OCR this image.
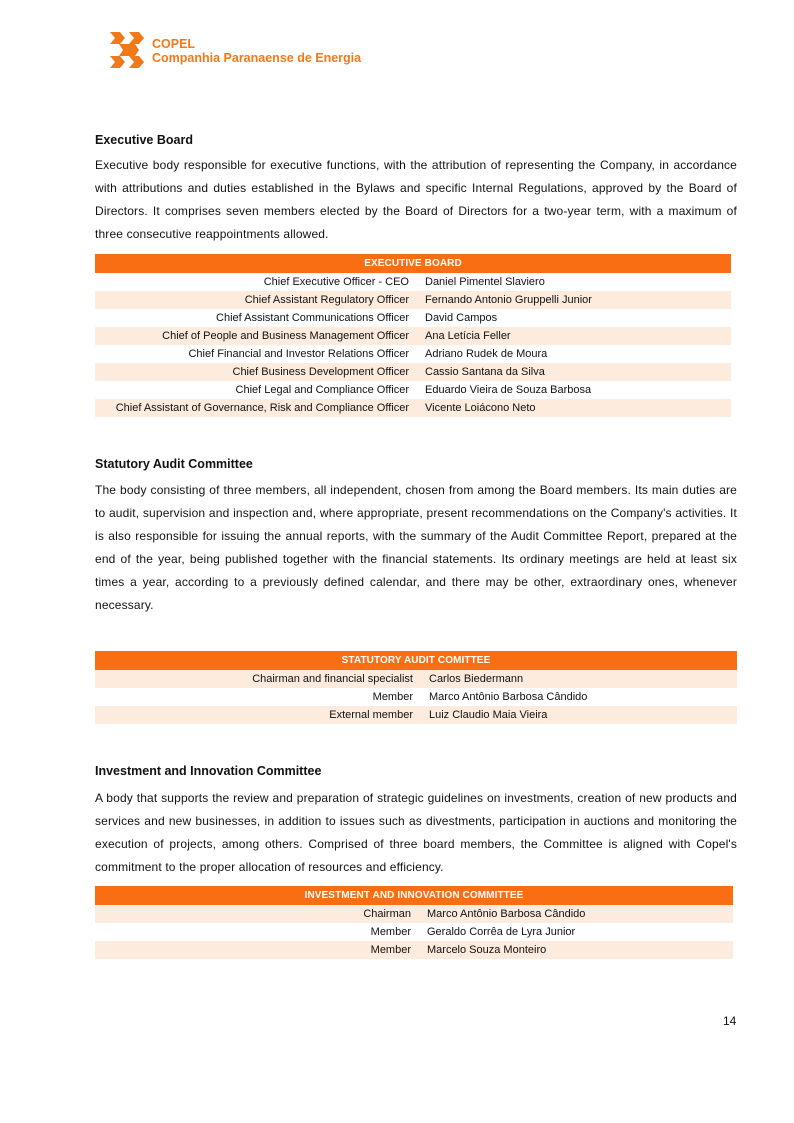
COPEL
Companhia Paranaense de Energia
Executive Board

Executive body responsible for executive functions, with the attribution of representing the Company, in accordance with attributions and duties established in the Bylaws and specific Internal Regulations, approved by the Board of Directors. It comprises seven members elected by the Board of Directors for a two-year term, with a maximum of three consecutive reappointments allowed.

EXECUTIVE BOARD	
Chief Executive Officer - CEO	Daniel Pimentel Slaviero
Chief Assistant Regulatory Officer	Fernando Antonio Gruppelli Junior
Chief Assistant Communications Officer	David Campos
Chief of People and Business Management Officer	Ana Letícia Feller
Chief Financial and Investor Relations Officer	Adriano Rudek de Moura
Chief Business Development Officer	Cassio Santana da Silva
Chief Legal and Compliance Officer	Eduardo Vieira de Souza Barbosa
Chief Assistant of Governance, Risk and Compliance Officer	Vicente Loiácono Neto
Statutory Audit Committee

The body consisting of three members, all independent, chosen from among the Board members. Its main duties are to audit, supervision and inspection and, where appropriate, present recommendations on the Company's activities. It is also responsible for issuing the annual reports, with the summary of the Audit Committee Report, prepared at the end of the year, being published together with the financial statements. Its ordinary meetings are held at least six times a year, according to a previously defined calendar, and there may be other, extraordinary ones, whenever necessary.

STATUTORY AUDIT COMITTEE	
Chairman and financial specialist	Carlos Biedermann
Member	Marco Antônio Barbosa Cândido
External member	Luiz Claudio Maia Vieira
Investment and Innovation Committee

A body that supports the review and preparation of strategic guidelines on investments, creation of new products and services and new businesses, in addition to issues such as divestments, participation in auctions and monitoring the execution of projects, among others. Comprised of three board members, the Committee is aligned with Copel's commitment to the proper allocation of resources and efficiency.

INVESTMENT AND INNOVATION COMMITTEE	
Chairman	Marco Antônio Barbosa Cândido
Member	Geraldo Corrêa de Lyra Junior
Member	Marcelo Souza Monteiro
14
